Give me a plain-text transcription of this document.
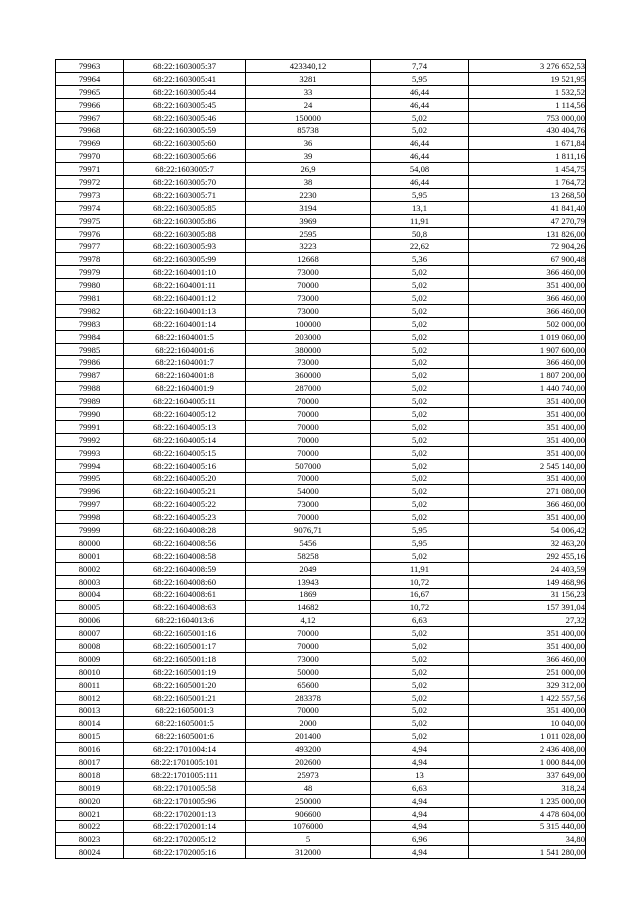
79963	68:22:1603005:37	423340,12	7,74	3 276 652,53
79964	68:22:1603005:41	3281	5,95	19 521,95
79965	68:22:1603005:44	33	46,44	1 532,52
79966	68:22:1603005:45	24	46,44	1 114,56
79967	68:22:1603005:46	150000	5,02	753 000,00
79968	68:22:1603005:59	85738	5,02	430 404,76
79969	68:22:1603005:60	36	46,44	1 671,84
79970	68:22:1603005:66	39	46,44	1 811,16
79971	68:22:1603005:7	26,9	54,08	1 454,75
79972	68:22:1603005:70	38	46,44	1 764,72
79973	68:22:1603005:71	2230	5,95	13 268,50
79974	68:22:1603005:85	3194	13,1	41 841,40
79975	68:22:1603005:86	3969	11,91	47 270,79
79976	68:22:1603005:88	2595	50,8	131 826,00
79977	68:22:1603005:93	3223	22,62	72 904,26
79978	68:22:1603005:99	12668	5,36	67 900,48
79979	68:22:1604001:10	73000	5,02	366 460,00
79980	68:22:1604001:11	70000	5,02	351 400,00
79981	68:22:1604001:12	73000	5,02	366 460,00
79982	68:22:1604001:13	73000	5,02	366 460,00
79983	68:22:1604001:14	100000	5,02	502 000,00
79984	68:22:1604001:5	203000	5,02	1 019 060,00
79985	68:22:1604001:6	380000	5,02	1 907 600,00
79986	68:22:1604001:7	73000	5,02	366 460,00
79987	68:22:1604001:8	360000	5,02	1 807 200,00
79988	68:22:1604001:9	287000	5,02	1 440 740,00
79989	68:22:1604005:11	70000	5,02	351 400,00
79990	68:22:1604005:12	70000	5,02	351 400,00
79991	68:22:1604005:13	70000	5,02	351 400,00
79992	68:22:1604005:14	70000	5,02	351 400,00
79993	68:22:1604005:15	70000	5,02	351 400,00
79994	68:22:1604005:16	507000	5,02	2 545 140,00
79995	68:22:1604005:20	70000	5,02	351 400,00
79996	68:22:1604005:21	54000	5,02	271 080,00
79997	68:22:1604005:22	73000	5,02	366 460,00
79998	68:22:1604005:23	70000	5,02	351 400,00
79999	68:22:1604008:28	9076,71	5,95	54 006,42
80000	68:22:1604008:56	5456	5,95	32 463,20
80001	68:22:1604008:58	58258	5,02	292 455,16
80002	68:22:1604008:59	2049	11,91	24 403,59
80003	68:22:1604008:60	13943	10,72	149 468,96
80004	68:22:1604008:61	1869	16,67	31 156,23
80005	68:22:1604008:63	14682	10,72	157 391,04
80006	68:22:1604013:6	4,12	6,63	27,32
80007	68:22:1605001:16	70000	5,02	351 400,00
80008	68:22:1605001:17	70000	5,02	351 400,00
80009	68:22:1605001:18	73000	5,02	366 460,00
80010	68:22:1605001:19	50000	5,02	251 000,00
80011	68:22:1605001:20	65600	5,02	329 312,00
80012	68:22:1605001:21	283378	5,02	1 422 557,56
80013	68:22:1605001:3	70000	5,02	351 400,00
80014	68:22:1605001:5	2000	5,02	10 040,00
80015	68:22:1605001:6	201400	5,02	1 011 028,00
80016	68:22:1701004:14	493200	4,94	2 436 408,00
80017	68:22:1701005:101	202600	4,94	1 000 844,00
80018	68:22:1701005:111	25973	13	337 649,00
80019	68:22:1701005:58	48	6,63	318,24
80020	68:22:1701005:96	250000	4,94	1 235 000,00
80021	68:22:1702001:13	906600	4,94	4 478 604,00
80022	68:22:1702001:14	1076000	4,94	5 315 440,00
80023	68:22:1702005:12	5	6,96	34,80
80024	68:22:1702005:16	312000	4,94	1 541 280,00
